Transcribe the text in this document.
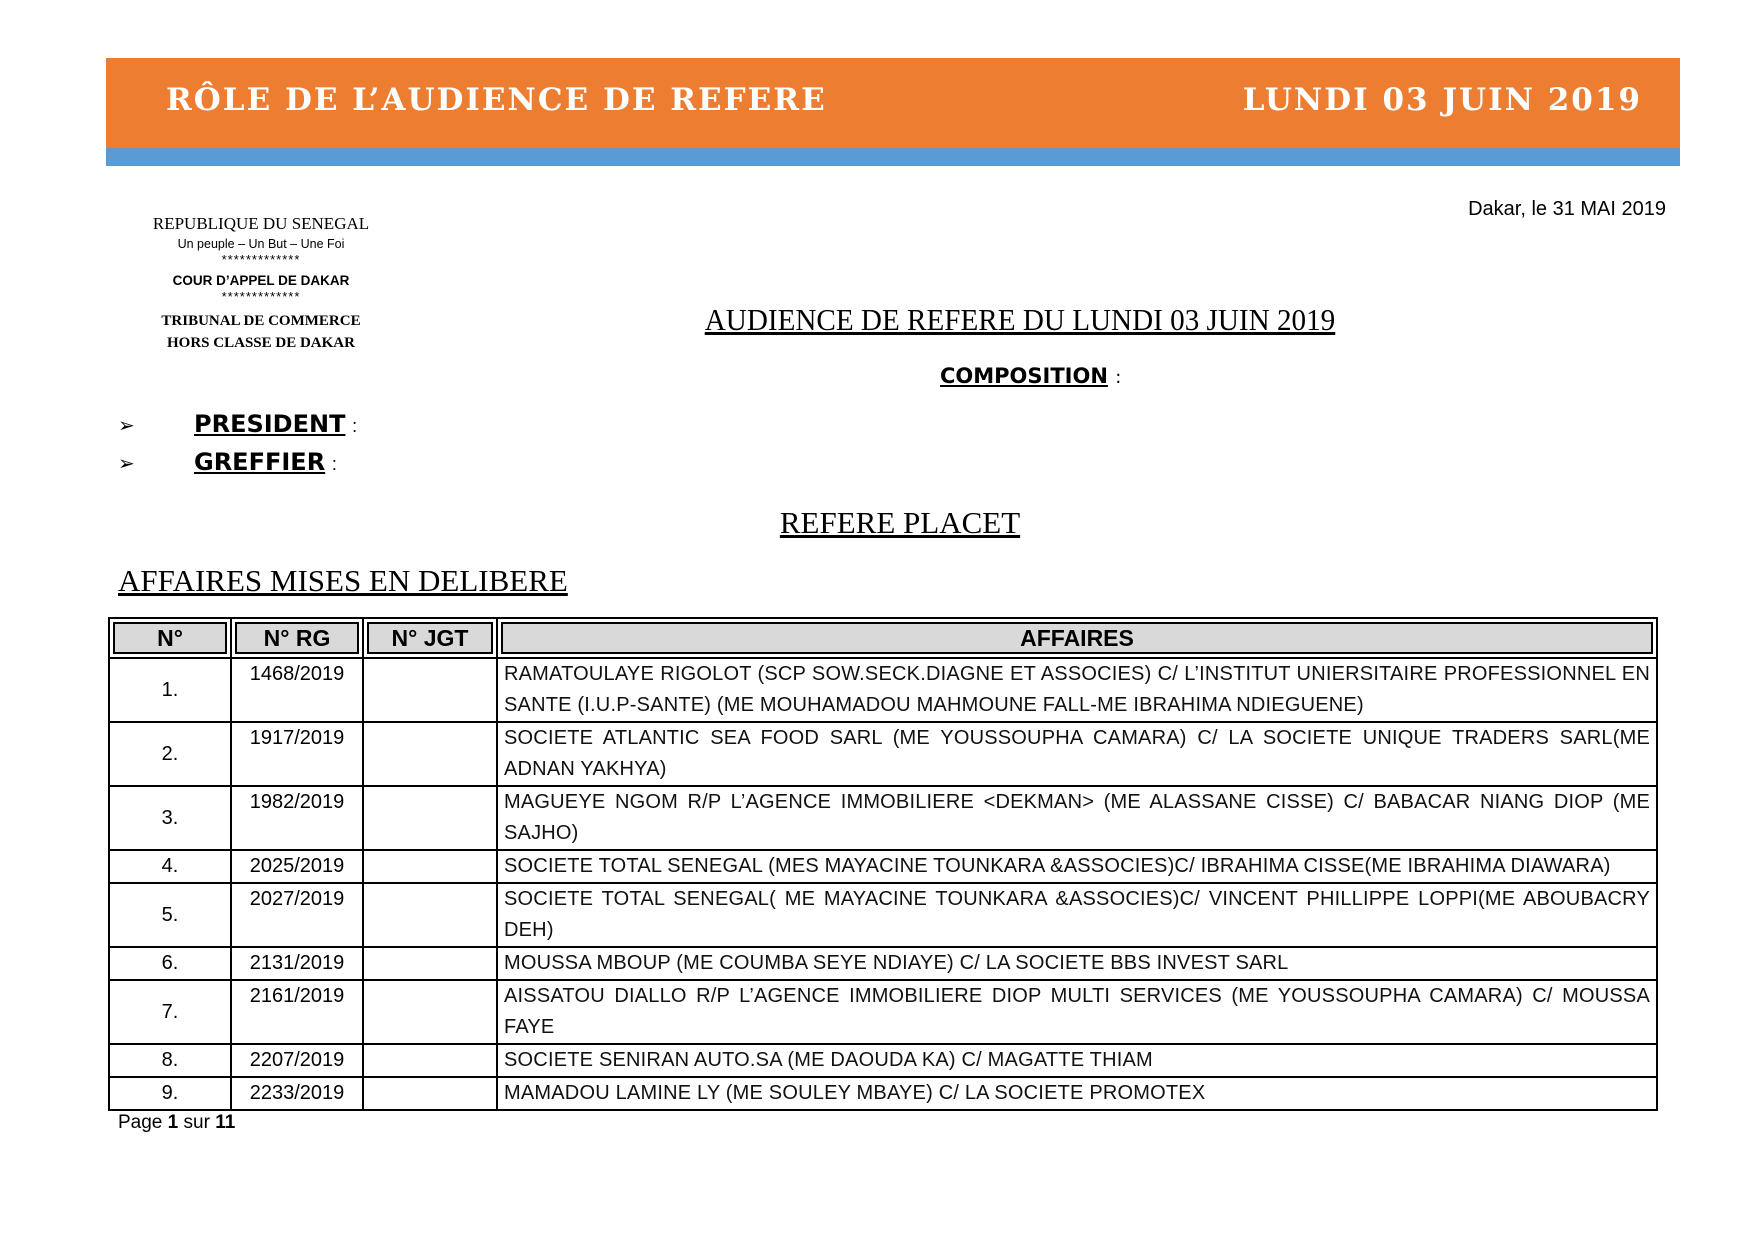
RÔLE DE L’AUDIENCE DE REFERE	LUNDI 03 JUIN 2019
Dakar, le 31 MAI 2019
REPUBLIQUE DU SENEGAL
Un peuple – Un But – Une Foi
*************
COUR D’APPEL DE DAKAR
*************
TRIBUNAL DE COMMERCE
HORS CLASSE DE DAKAR
AUDIENCE DE REFERE DU LUNDI 03 JUIN 2019
COMPOSITION :
➢ PRESIDENT :
➢ GREFFIER :
REFERE PLACET
AFFAIRES MISES EN DELIBERE
N°	N° RG	N° JGT	AFFAIRES
1.	1468/2019		RAMATOULAYE RIGOLOT (SCP SOW.SECK.DIAGNE ET ASSOCIES) C/ L’INSTITUT UNIERSITAIRE PROFESSIONNEL EN SANTE (I.U.P-SANTE) (ME MOUHAMADOU MAHMOUNE FALL-ME IBRAHIMA NDIEGUENE)
2.	1917/2019		SOCIETE ATLANTIC SEA FOOD SARL (ME YOUSSOUPHA CAMARA) C/ LA SOCIETE UNIQUE TRADERS SARL(ME ADNAN YAKHYA)
3.	1982/2019		MAGUEYE NGOM R/P L’AGENCE IMMOBILIERE <DEKMAN> (ME ALASSANE CISSE) C/ BABACAR NIANG DIOP (ME SAJHO)
4.	2025/2019		SOCIETE TOTAL SENEGAL (MES MAYACINE TOUNKARA &ASSOCIES)C/ IBRAHIMA CISSE(ME IBRAHIMA DIAWARA)
5.	2027/2019		SOCIETE TOTAL SENEGAL( ME MAYACINE TOUNKARA &ASSOCIES)C/ VINCENT PHILLIPPE LOPPI(ME ABOUBACRY DEH)
6.	2131/2019		MOUSSA MBOUP (ME COUMBA SEYE NDIAYE) C/ LA SOCIETE BBS INVEST SARL
7.	2161/2019		AISSATOU DIALLO R/P L’AGENCE IMMOBILIERE DIOP MULTI SERVICES (ME YOUSSOUPHA CAMARA) C/ MOUSSA FAYE
8.	2207/2019		SOCIETE SENIRAN AUTO.SA (ME DAOUDA KA) C/ MAGATTE THIAM
9.	2233/2019		MAMADOU LAMINE LY (ME SOULEY MBAYE) C/ LA SOCIETE PROMOTEX
Page 1 sur 11
